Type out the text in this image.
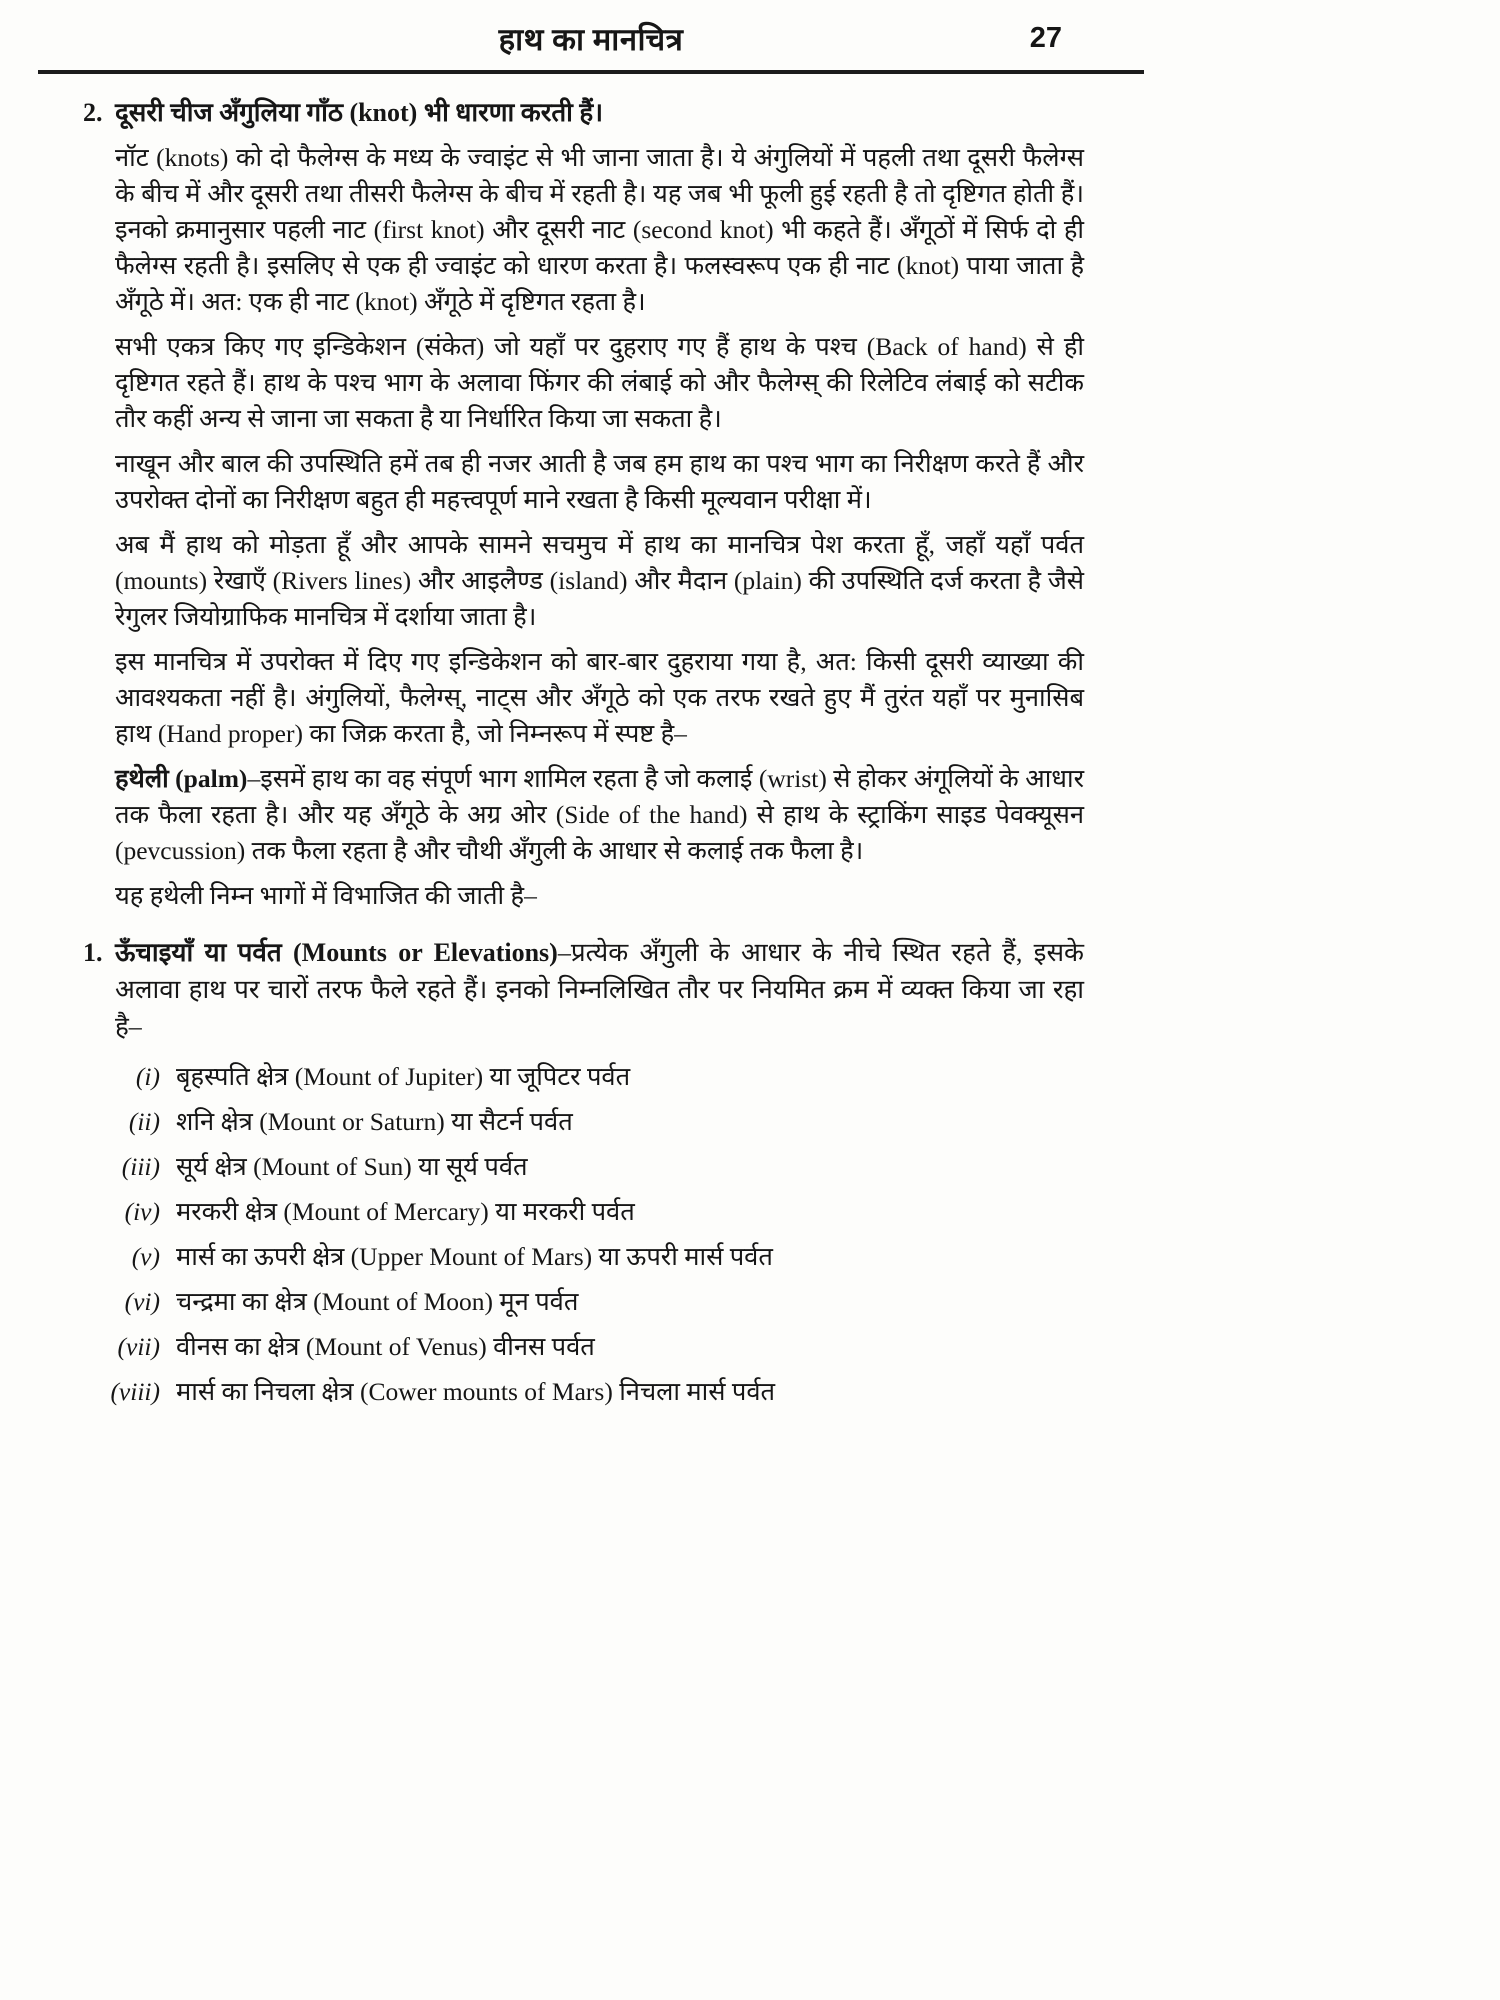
हाथ का मानचित्र	27
2. दूसरी चीज अँगुलिया गाँठ (knot) भी धारणा करती हैं।

नॉट (knots) को दो फैलेग्स के मध्य के ज्वाइंट से भी जाना जाता है। ये अंगुलियों में पहली तथा दूसरी फैलेग्स के बीच में और दूसरी तथा तीसरी फैलेग्स के बीच में रहती है। यह जब भी फूली हुई रहती है तो दृष्टिगत होती हैं। इनको क्रमानुसार पहली नाट (first knot) और दूसरी नाट (second knot) भी कहते हैं। अँगूठों में सिर्फ दो ही फैलेग्स रहती है। इसलिए से एक ही ज्वाइंट को धारण करता है। फलस्वरूप एक ही नाट (knot) पाया जाता है अँगूठे में। अत: एक ही नाट (knot) अँगूठे में दृष्टिगत रहता है।

सभी एकत्र किए गए इन्डिकेशन (संकेत) जो यहाँ पर दुहराए गए हैं हाथ के पश्च (Back of hand) से ही दृष्टिगत रहते हैं। हाथ के पश्च भाग के अलावा फिंगर की लंबाई को और फैलेग्स् की रिलेटिव लंबाई को सटीक तौर कहीं अन्य से जाना जा सकता है या निर्धारित किया जा सकता है।

नाखून और बाल की उपस्थिति हमें तब ही नजर आती है जब हम हाथ का पश्च भाग का निरीक्षण करते हैं और उपरोक्त दोनों का निरीक्षण बहुत ही महत्त्वपूर्ण माने रखता है किसी मूल्यवान परीक्षा में।

अब मैं हाथ को मोड़ता हूँ और आपके सामने सचमुच में हाथ का मानचित्र पेश करता हूँ, जहाँ यहाँ पर्वत (mounts) रेखाएँ (Rivers lines) और आइलैण्ड (island) और मैदान (plain) की उपस्थिति दर्ज करता है जैसे रेगुलर जियोग्राफिक मानचित्र में दर्शाया जाता है।

इस मानचित्र में उपरोक्त में दिए गए इन्डिकेशन को बार-बार दुहराया गया है, अत: किसी दूसरी व्याख्या की आवश्यकता नहीं है। अंगुलियों, फैलेग्स्, नाट्स और अँगूठे को एक तरफ रखते हुए मैं तुरंत यहाँ पर मुनासिब हाथ (Hand proper) का जिक्र करता है, जो निम्नरूप में स्पष्ट है–

हथेली (palm)–इसमें हाथ का वह संपूर्ण भाग शामिल रहता है जो कलाई (wrist) से होकर अंगूलियों के आधार तक फैला रहता है। और यह अँगूठे के अग्र ओर (Side of the hand) से हाथ के स्ट्राकिंग साइड पेवक्यूसन (pevcussion) तक फैला रहता है और चौथी अँगुली के आधार से कलाई तक फैला है।

यह हथेली निम्न भागों में विभाजित की जाती है–

1. ऊँचाइयाँ या पर्वत (Mounts or Elevations)–प्रत्येक अँगुली के आधार के नीचे स्थित रहते हैं, इसके अलावा हाथ पर चारों तरफ फैले रहते हैं। इनको निम्नलिखित तौर पर नियमित क्रम में व्यक्त किया जा रहा है–
(i) बृहस्पति क्षेत्र (Mount of Jupiter) या जूपिटर पर्वत
(ii) शनि क्षेत्र (Mount or Saturn) या सैटर्न पर्वत
(iii) सूर्य क्षेत्र (Mount of Sun) या सूर्य पर्वत
(iv) मरकरी क्षेत्र (Mount of Mercary) या मरकरी पर्वत
(v) मार्स का ऊपरी क्षेत्र (Upper Mount of Mars) या ऊपरी मार्स पर्वत
(vi) चन्द्रमा का क्षेत्र (Mount of Moon) मून पर्वत
(vii) वीनस का क्षेत्र (Mount of Venus) वीनस पर्वत
(viii) मार्स का निचला क्षेत्र (Cower mounts of Mars) निचला मार्स पर्वत
